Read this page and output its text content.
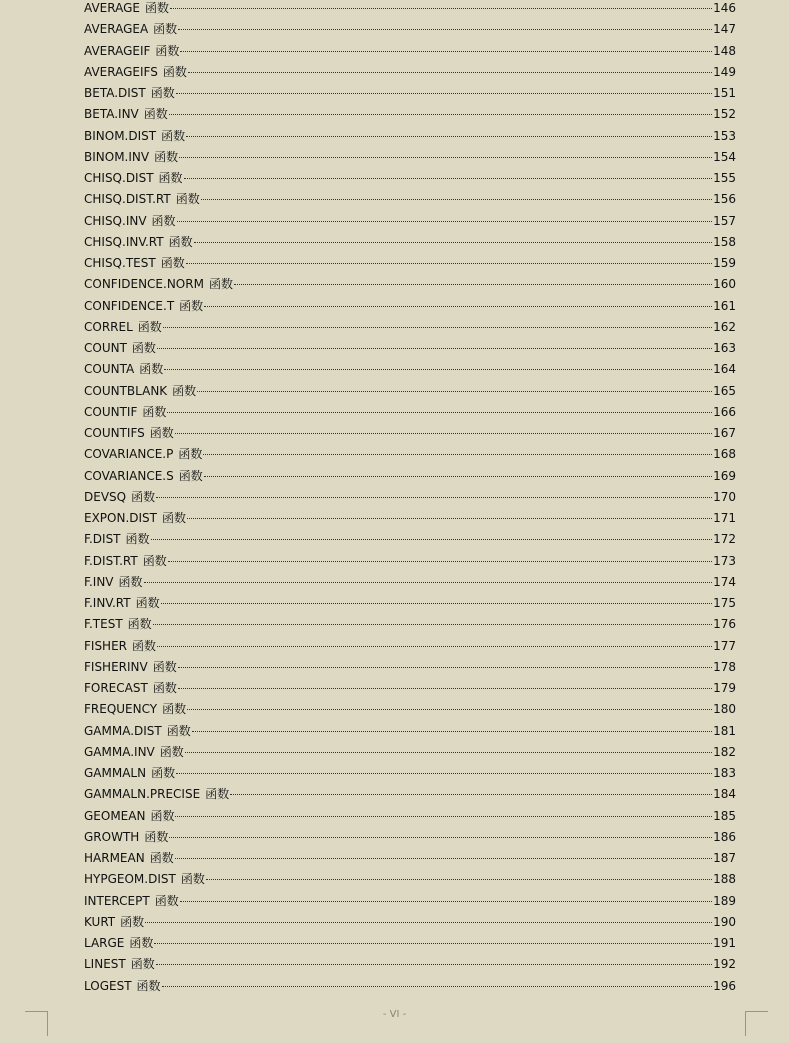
AVERAGE 函数	146
AVERAGEA 函数	147
AVERAGEIF 函数	148
AVERAGEIFS 函数	149
BETA.DIST 函数	151
BETA.INV 函数	152
BINOM.DIST 函数	153
BINOM.INV 函数	154
CHISQ.DIST 函数	155
CHISQ.DIST.RT 函数	156
CHISQ.INV 函数	157
CHISQ.INV.RT 函数	158
CHISQ.TEST 函数	159
CONFIDENCE.NORM 函数	160
CONFIDENCE.T 函数	161
CORREL 函数	162
COUNT 函数	163
COUNTA 函数	164
COUNTBLANK 函数	165
COUNTIF 函数	166
COUNTIFS 函数	167
COVARIANCE.P 函数	168
COVARIANCE.S 函数	169
DEVSQ 函数	170
EXPON.DIST 函数	171
F.DIST 函数	172
F.DIST.RT 函数	173
F.INV 函数	174
F.INV.RT 函数	175
F.TEST 函数	176
FISHER 函数	177
FISHERINV 函数	178
FORECAST 函数	179
FREQUENCY 函数	180
GAMMA.DIST 函数	181
GAMMA.INV 函数	182
GAMMALN 函数	183
GAMMALN.PRECISE 函数	184
GEOMEAN 函数	185
GROWTH 函数	186
HARMEAN 函数	187
HYPGEOM.DIST 函数	188
INTERCEPT 函数	189
KURT 函数	190
LARGE 函数	191
LINEST 函数	192
LOGEST 函数	196
- VI -
